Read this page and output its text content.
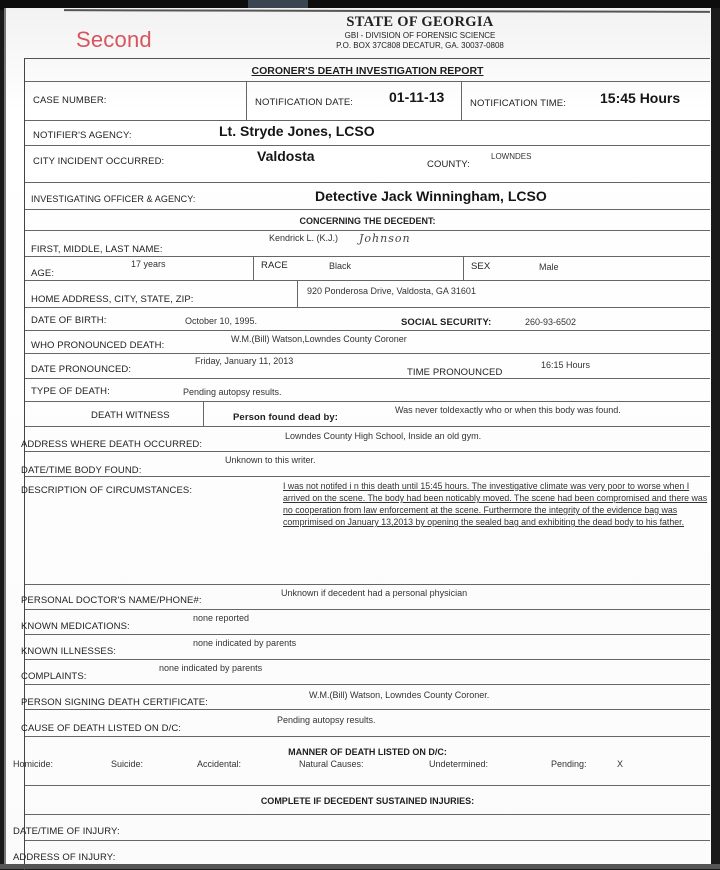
Second
STATE OF GEORGIA
GBI - DIVISION OF FORENSIC SCIENCE
P.O. BOX 37C808 DECATUR, GA. 30037-0808
CORONER'S DEATH INVESTIGATION REPORT
CASE NUMBER:	NOTIFICATION DATE:	01-11-13	NOTIFICATION TIME: 15:45 Hours
NOTIFIER'S AGENCY:	Lt. Stryde Jones, LCSO
CITY INCIDENT OCCURRED:	Valdosta
COUNTY:
LOWNDES
INVESTIGATING OFFICER & AGENCY:	Detective Jack Winningham, LCSO
CONCERNING THE DECEDENT:
FIRST, MIDDLE, LAST NAME:
Kendrick L. (K.J.) Johnson
AGE:
17 years	RACE	Black	SEX	Male
HOME ADDRESS, CITY, STATE, ZIP:
920 Ponderosa Drive, Valdosta, GA 31601
DATE OF BIRTH:	October 10, 1995.	SOCIAL SECURITY:	260-93-6502
WHO PRONOUNCED DEATH:
W.M.(Bill) Watson,Lowndes County Coroner
DATE PRONOUNCED:
Friday, January 11, 2013
TIME PRONOUNCED
16:15 Hours
TYPE OF DEATH:	Pending autopsy results.
DEATH WITNESS	Person found dead by:
Was never toldexactly who or when this body was found.
ADDRESS WHERE DEATH OCCURRED:
Lowndes County High School, Inside an old gym.
DATE/TIME BODY FOUND:
Unknown to this writer.
DESCRIPTION OF CIRCUMSTANCES:	I was not notifed i n this death until 15:45 hours. The investigative climate was very poor to worse when I arrived on the scene. The body had been noticably moved. The scene had been compromised and there was no cooperation from law enforcement at the scene. Furthermore the integrity of the evidence bag was comprimised on January 13,2013 by opening the sealed bag and exhibiting the dead body to his father.
PERSONAL DOCTOR'S NAME/PHONE#:
Unknown if decedent had a personal physician
KNOWN MEDICATIONS:
none reported
KNOWN ILLNESSES:
none indicated by parents
COMPLAINTS:
none indicated by parents
PERSON SIGNING DEATH CERTIFICATE:
W.M.(Bill) Watson, Lowndes County Coroner.
CAUSE OF DEATH LISTED ON D/C:
Pending autopsy results.
MANNER OF DEATH LISTED ON D/C:
Homicide:	Suicide:	Accidental:	Natural Causes:	Undetermined:	Pending:	X
COMPLETE IF DECEDENT SUSTAINED INJURIES:
DATE/TIME OF INJURY:
ADDRESS OF INJURY:
